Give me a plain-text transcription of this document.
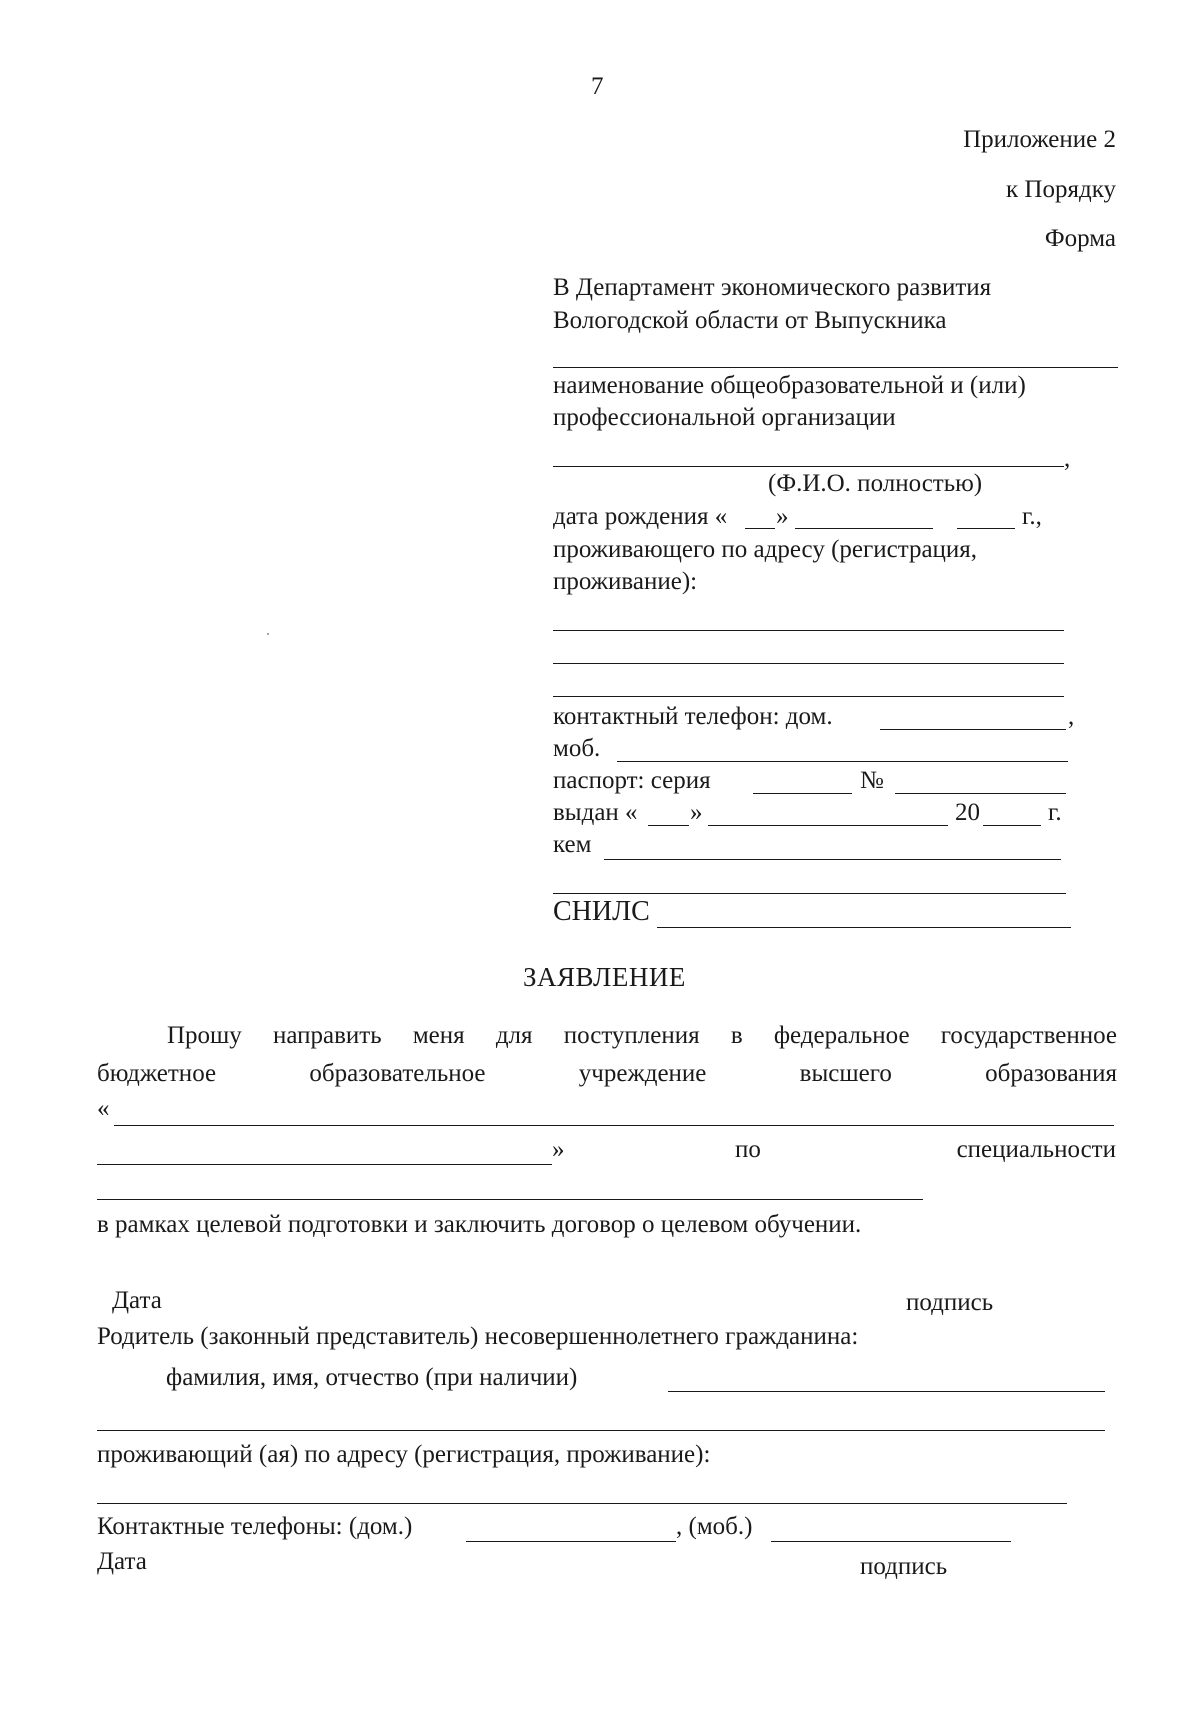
7
Приложение 2
к Порядку
Форма
В Департамент экономического развития
Вологодской области от Выпускника
наименование общеобразовательной и (или)
профессиональной организации
,
(Ф.И.О. полностью)
дата рождения « »	г.,
проживающего по адресу (регистрация,
проживание):
контактный телефон: дом.	,
моб.
паспорт: серия	№
выдан « »	20	г.
кем
СНИЛС
ЗАЯВЛЕНИЕ
Прошу направить меня для поступления в федеральное государственное
бюджетное	образовательное	учреждение	высшего	образования
«
»	по	специальности
в рамках целевой подготовки и заключить договор о целевом обучении.
Дата	подпись
Родитель (законный представитель) несовершеннолетнего гражданина:
фамилия, имя, отчество (при наличии)
проживающий (ая) по адресу (регистрация, проживание):
Контактные телефоны: (дом.)	, (моб.)
Дата	подпись
